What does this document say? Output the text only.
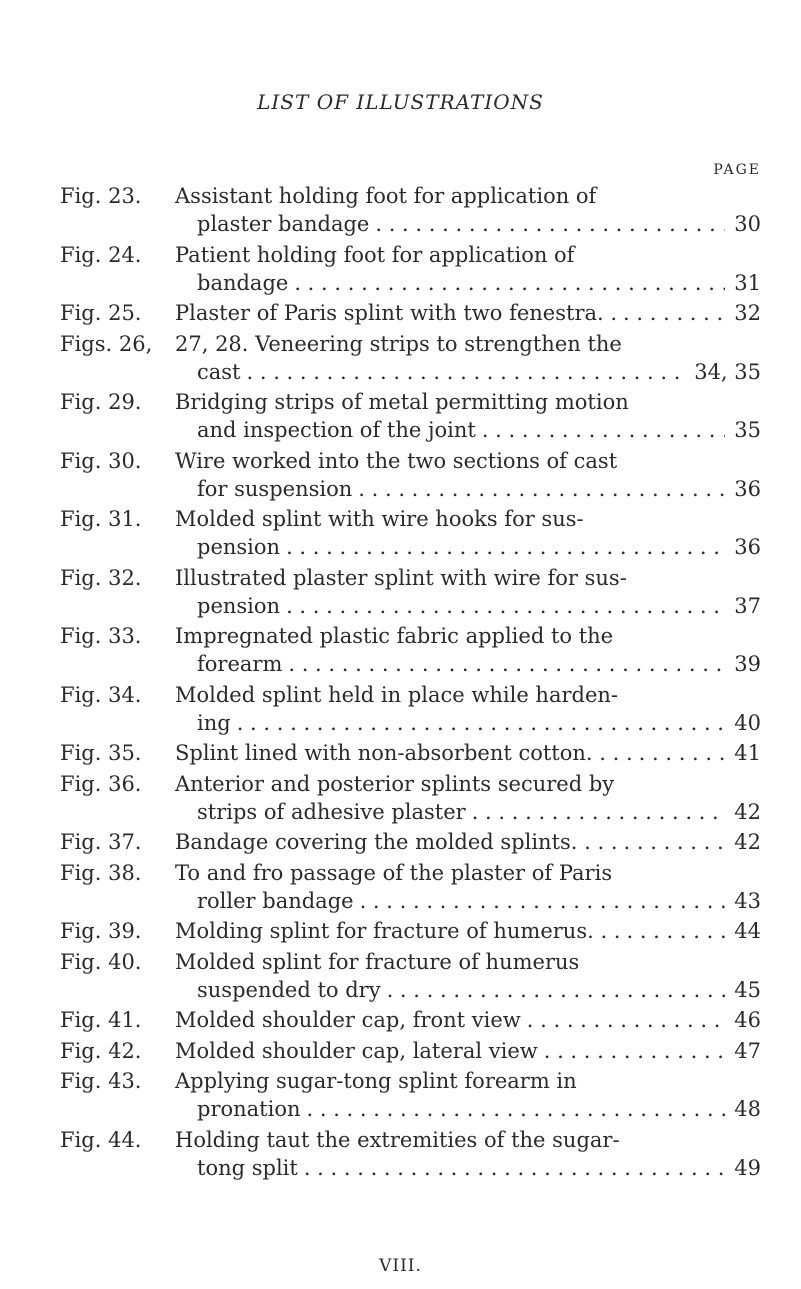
LIST OF ILLUSTRATIONS
PAGE
Fig. 23. Assistant holding foot for application of
plaster bandage . . .	30
Fig. 24. Patient holding foot for application of
bandage . . .	31
Fig. 25. Plaster of Paris splint with two fenestra. . . . .	32
Figs. 26, 27, 28. Veneering strips to strengthen the
cast . . .	34, 35
Fig. 29. Bridging strips of metal permitting motion
and inspection of the joint . . .	35
Fig. 30. Wire worked into the two sections of cast
for suspension . . .	36
Fig. 31. Molded splint with wire hooks for sus-
pension . . .	36
Fig. 32. Illustrated plaster splint with wire for sus-
pension . . .	37
Fig. 33. Impregnated plastic fabric applied to the
forearm . . .	39
Fig. 34. Molded splint held in place while harden-
ing . . .	40
Fig. 35. Splint lined with non-absorbent cotton. . . . . . .	41
Fig. 36. Anterior and posterior splints secured by
strips of adhesive plaster . . .	42
Fig. 37. Bandage covering the molded splints. . . . . . .	42
Fig. 38. To and fro passage of the plaster of Paris
roller bandage . . .	43
Fig. 39. Molding splint for fracture of humerus. . . . . .	44
Fig. 40. Molded splint for fracture of humerus
suspended to dry . . .	45
Fig. 41. Molded shoulder cap, front view . . .	46
Fig. 42. Molded shoulder cap, lateral view . . .	47
Fig. 43. Applying sugar-tong splint forearm in
pronation . . .	48
Fig. 44. Holding taut the extremities of the sugar-
tong split . . .	49
VIII.
